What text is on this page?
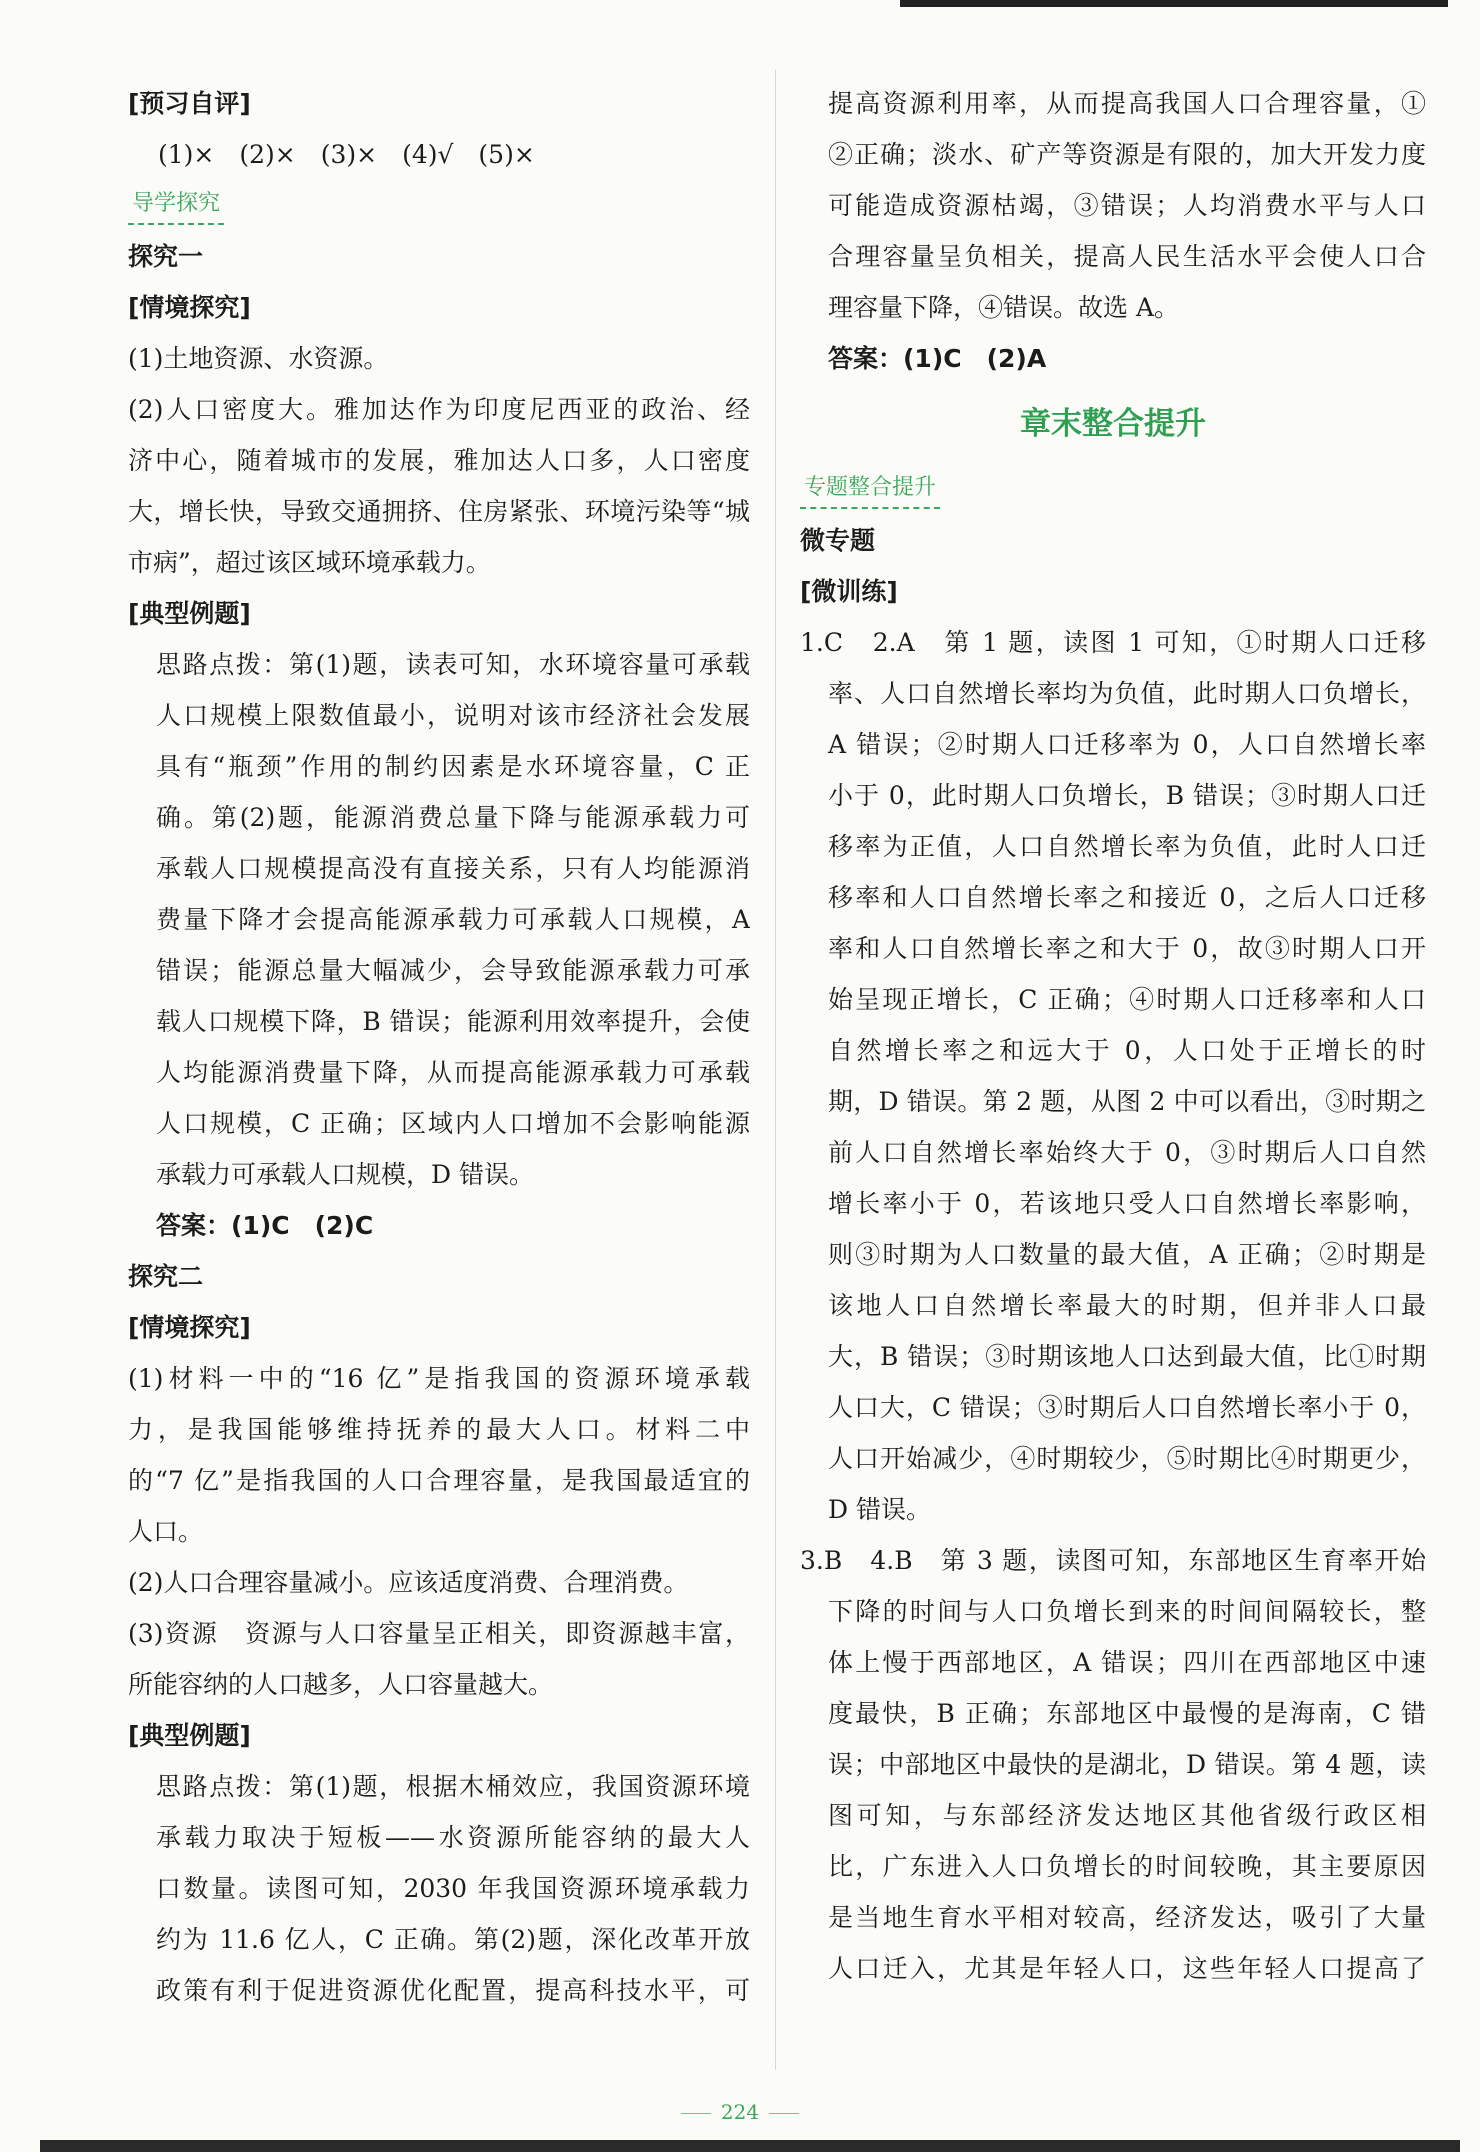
[预习自评]
(1)×　(2)×　(3)×　(4)√　(5)×
导学探究
探究一
[情境探究]
(1)土地资源、水资源。
(2)人口密度大。雅加达作为印度尼西亚的政治、经
济中心，随着城市的发展，雅加达人口多，人口密度
大，增长快，导致交通拥挤、住房紧张、环境污染等“城
市病”，超过该区域环境承载力。
[典型例题]
思路点拨：第(1)题，读表可知，水环境容量可承载
人口规模上限数值最小，说明对该市经济社会发展
具有“瓶颈”作用的制约因素是水环境容量，C 正
确。第(2)题，能源消费总量下降与能源承载力可
承载人口规模提高没有直接关系，只有人均能源消
费量下降才会提高能源承载力可承载人口规模，A
错误；能源总量大幅减少，会导致能源承载力可承
载人口规模下降，B 错误；能源利用效率提升，会使
人均能源消费量下降，从而提高能源承载力可承载
人口规模，C 正确；区域内人口增加不会影响能源
承载力可承载人口规模，D 错误。
答案：(1)C　(2)C
探究二
[情境探究]
(1)材料一中的“16 亿”是指我国的资源环境承载
力，是我国能够维持抚养的最大人口。材料二中
的“7 亿”是指我国的人口合理容量，是我国最适宜的
人口。
(2)人口合理容量减小。应该适度消费、合理消费。
(3)资源　资源与人口容量呈正相关，即资源越丰富，
所能容纳的人口越多，人口容量越大。
[典型例题]
思路点拨：第(1)题，根据木桶效应，我国资源环境
承载力取决于短板——水资源所能容纳的最大人
口数量。读图可知，2030 年我国资源环境承载力
约为 11.6 亿人，C 正确。第(2)题，深化改革开放
政策有利于促进资源优化配置，提高科技水平，可
提高资源利用率，从而提高我国人口合理容量，①
②正确；淡水、矿产等资源是有限的，加大开发力度
可能造成资源枯竭，③错误；人均消费水平与人口
合理容量呈负相关，提高人民生活水平会使人口合
理容量下降，④错误。故选 A。
答案：(1)C　(2)A
章末整合提升
专题整合提升
微专题
[微训练]
1.C　2.A　第 1 题，读图 1 可知，①时期人口迁移
率、人口自然增长率均为负值，此时期人口负增长，
A 错误；②时期人口迁移率为 0，人口自然增长率
小于 0，此时期人口负增长，B 错误；③时期人口迁
移率为正值，人口自然增长率为负值，此时人口迁
移率和人口自然增长率之和接近 0，之后人口迁移
率和人口自然增长率之和大于 0，故③时期人口开
始呈现正增长，C 正确；④时期人口迁移率和人口
自然增长率之和远大于 0，人口处于正增长的时
期，D 错误。第 2 题，从图 2 中可以看出，③时期之
前人口自然增长率始终大于 0，③时期后人口自然
增长率小于 0，若该地只受人口自然增长率影响，
则③时期为人口数量的最大值，A 正确；②时期是
该地人口自然增长率最大的时期，但并非人口最
大，B 错误；③时期该地人口达到最大值，比①时期
人口大，C 错误；③时期后人口自然增长率小于 0，
人口开始减少，④时期较少，⑤时期比④时期更少，
D 错误。
3.B　4.B　第 3 题，读图可知，东部地区生育率开始
下降的时间与人口负增长到来的时间间隔较长，整
体上慢于西部地区，A 错误；四川在西部地区中速
度最快，B 正确；东部地区中最慢的是海南，C 错
误；中部地区中最快的是湖北，D 错误。第 4 题，读
图可知，与东部经济发达地区其他省级行政区相
比，广东进入人口负增长的时间较晚，其主要原因
是当地生育水平相对较高，经济发达，吸引了大量
人口迁入，尤其是年轻人口，这些年轻人口提高了
224
